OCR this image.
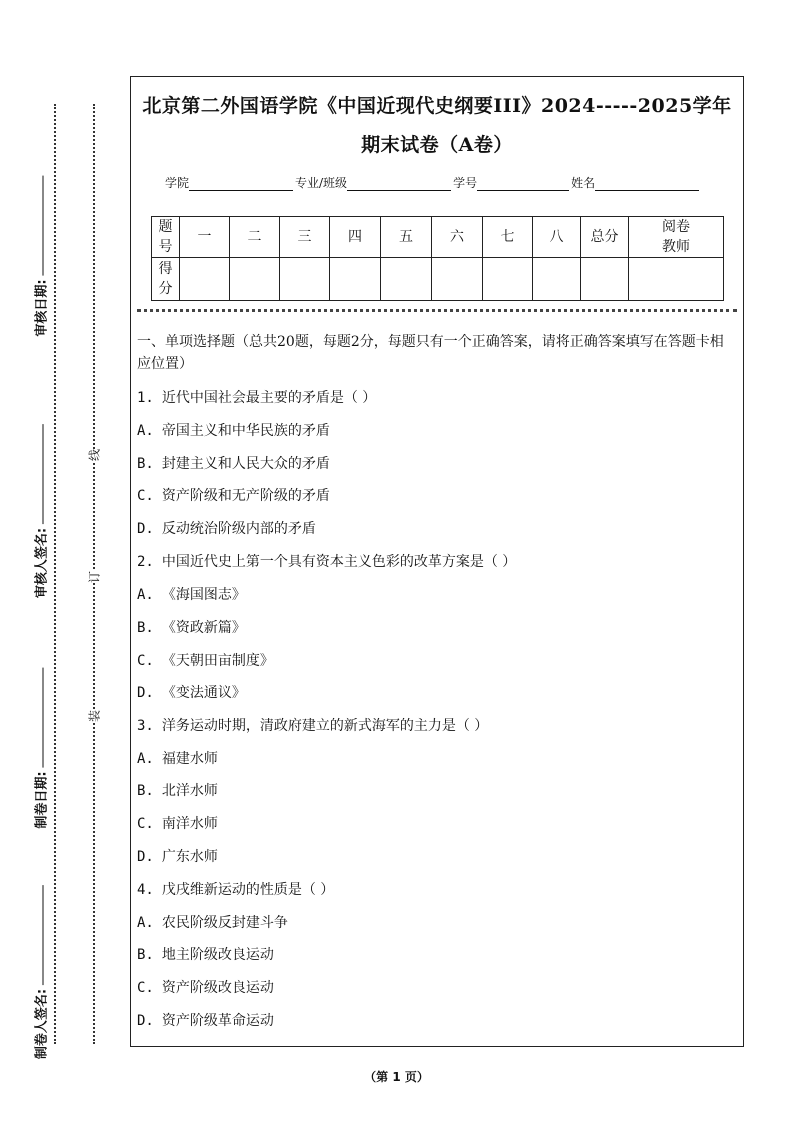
审核日期:
审核人签名:
制卷日期:
制卷人签名:
线
订
装
北京第二外国语学院《中国近现代史纲要III》2024-----2025学年
期末试卷（A卷）
学院	专业/班级	学号	姓名
题号	一	二	三	四	五	六	七	八	总分	阅卷教师
得分										
一、单项选择题（总共20题，每题2分，每题只有一个正确答案，请将正确答案填写在答题卡相应位置）
1. 近代中国社会最主要的矛盾是（ ）
A. 帝国主义和中华民族的矛盾
B. 封建主义和人民大众的矛盾
C. 资产阶级和无产阶级的矛盾
D. 反动统治阶级内部的矛盾
2. 中国近代史上第一个具有资本主义色彩的改革方案是（ ）
A. 《海国图志》
B. 《资政新篇》
C. 《天朝田亩制度》
D. 《变法通议》
3. 洋务运动时期，清政府建立的新式海军的主力是（ ）
A. 福建水师
B. 北洋水师
C. 南洋水师
D. 广东水师
4. 戊戌维新运动的性质是（ ）
A. 农民阶级反封建斗争
B. 地主阶级改良运动
C. 资产阶级改良运动
D. 资产阶级革命运动
（第 1 页）
